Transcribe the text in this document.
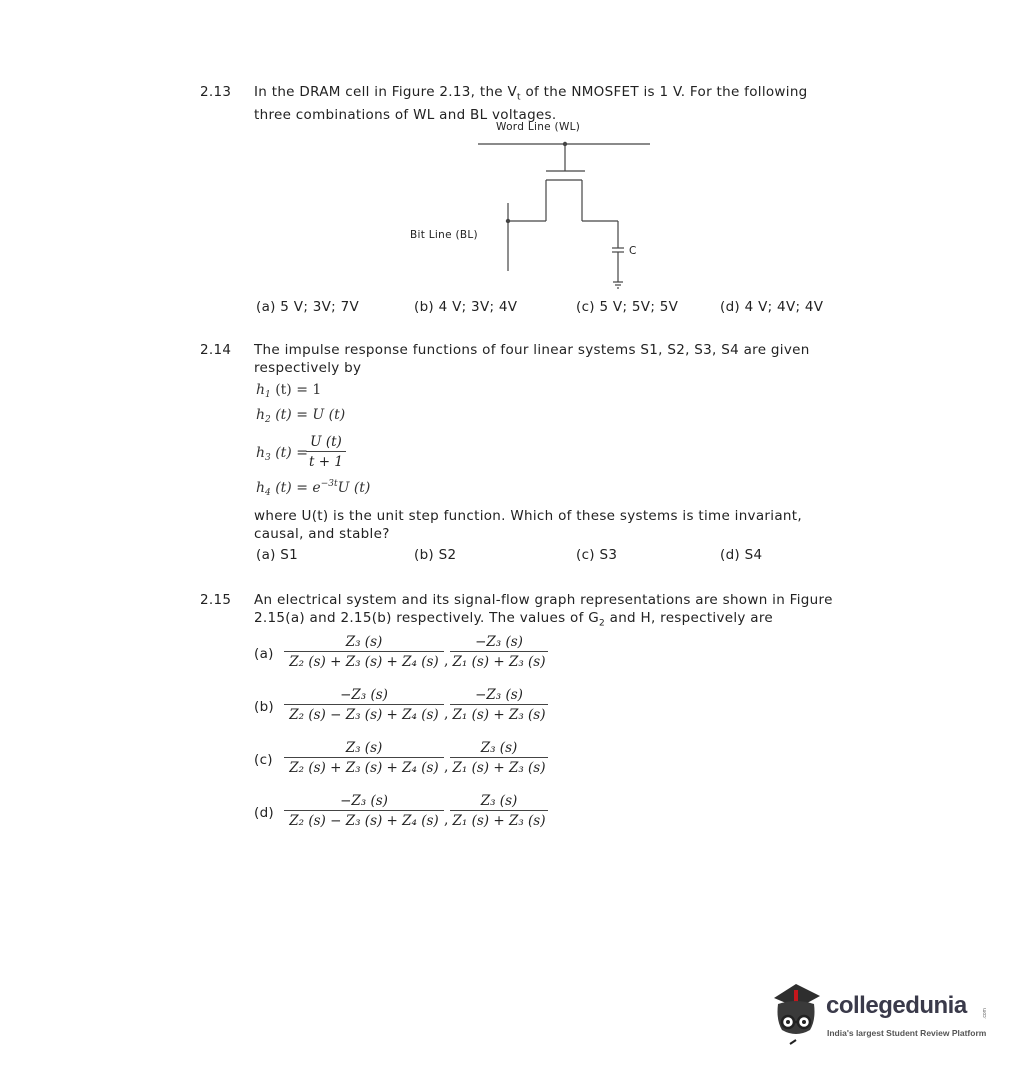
2.13 In the DRAM cell in Figure 2.13, the $V_t$ of the NMOSFET is 1 V. For the following
three combinations of WL and BL voltages.
Word Line (WL)
Bit Line (BL)
C
(a) 5 V; 3V; 7V	(b) 4 V; 3V; 4V	(c) 5 V; 5V; 5V	(d) 4 V; 4V; 4V
2.14 The impulse response functions of four linear systems S1, S2, S3, S4 are given
respectively by
$h_1$ (t) = 1
$h_2$ (t) = U (t)
$h_3$ (t) =
$\frac{U (t)}{t + 1}$
$h_4$ $(t) = e^{-3t}U$ (t)
where U(t) is the unit step function. Which of these systems is time invariant,
causal, and stable?
(a) S1	(b) S2	(c) S3	(d) S4
2.15 An electrical system and its signal-flow graph representations are shown in Figure
2.15(a) and 2.15(b) respectively. The values of $G_2$ and H, respectively are
$(a) \frac{\text{Z₃ (s)}}{\text{Z₂ (s) + Z₃ (s) + Z₄ (s)}}$ , $\frac{\text{−Z₃ (s)}}{\text{Z₁ (s) + Z₃ (s)}}$
$(b) \frac{\text{−Z₃ (s)}}{\text{Z₂ (s) − Z₃ (s) + Z₄ (s)}}$ , $\frac{\text{−Z₃ (s)}}{\text{Z₁ (s) + Z₃ (s)}}$
$(c) \frac{\text{Z₃ (s)}}{\text{Z₂ (s) + Z₃ (s) + Z₄ (s)}}$ , $\frac{\text{Z₃ (s)}}{\text{Z₁ (s) + Z₃ (s)}}$
$(d) \frac{\text{−Z₃ (s)}}{\text{Z₂ (s) − Z₃ (s) + Z₄ (s)}}$ , $\frac{\text{Z₃ (s)}}{\text{Z₁ (s) + Z₃ (s)}}$
collegedunia	.com
India's largest Student Review Platform
